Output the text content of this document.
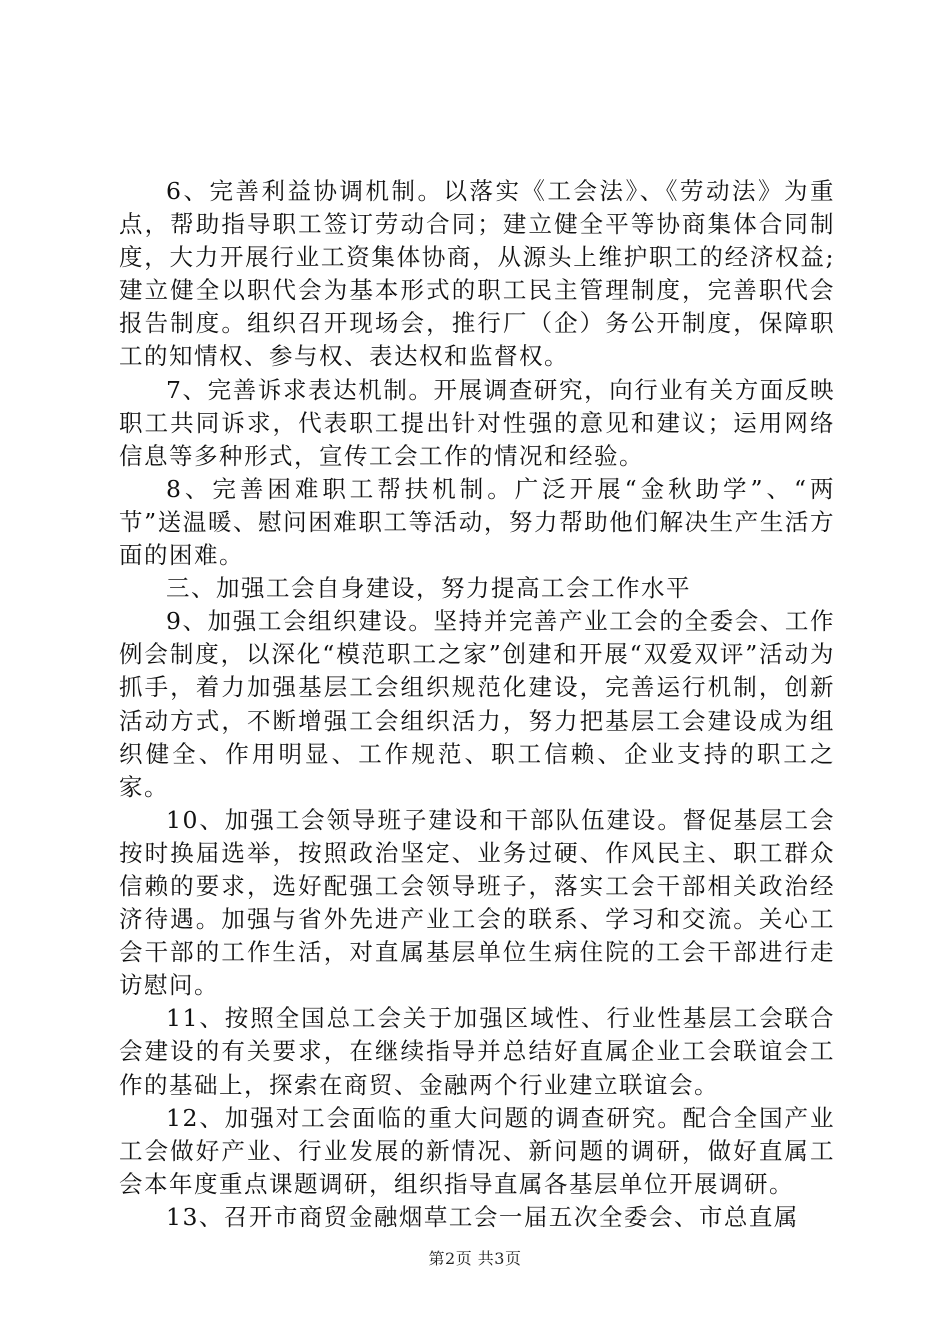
6、完善利益协调机制。以落实《工会法》、《劳动法》为重点，帮助指导职工签订劳动合同；建立健全平等协商集体合同制度，大力开展行业工资集体协商，从源头上维护职工的经济权益;建立健全以职代会为基本形式的职工民主管理制度，完善职代会报告制度。组织召开现场会，推行厂（企）务公开制度，保障职工的知情权、参与权、表达权和监督权。

7、完善诉求表达机制。开展调查研究，向行业有关方面反映职工共同诉求，代表职工提出针对性强的意见和建议；运用网络信息等多种形式，宣传工会工作的情况和经验。

8、完善困难职工帮扶机制。广泛开展“金秋助学”、“两节”送温暖、慰问困难职工等活动，努力帮助他们解决生产生活方面的困难。

三、加强工会自身建设，努力提高工会工作水平

9、加强工会组织建设。坚持并完善产业工会的全委会、工作例会制度，以深化“模范职工之家”创建和开展“双爱双评”活动为抓手，着力加强基层工会组织规范化建设，完善运行机制，创新活动方式，不断增强工会组织活力，努力把基层工会建设成为组织健全、作用明显、工作规范、职工信赖、企业支持的职工之家。

10、加强工会领导班子建设和干部队伍建设。督促基层工会按时换届选举，按照政治坚定、业务过硬、作风民主、职工群众信赖的要求，选好配强工会领导班子，落实工会干部相关政治经济待遇。加强与省外先进产业工会的联系、学习和交流。关心工会干部的工作生活，对直属基层单位生病住院的工会干部进行走访慰问。

11、按照全国总工会关于加强区域性、行业性基层工会联合会建设的有关要求，在继续指导并总结好直属企业工会联谊会工作的基础上，探索在商贸、金融两个行业建立联谊会。

12、加强对工会面临的重大问题的调查研究。配合全国产业工会做好产业、行业发展的新情况、新问题的调研，做好直属工会本年度重点课题调研，组织指导直属各基层单位开展调研。

13、召开市商贸金融烟草工会一届五次全委会、市总直属

第2页 共3页
